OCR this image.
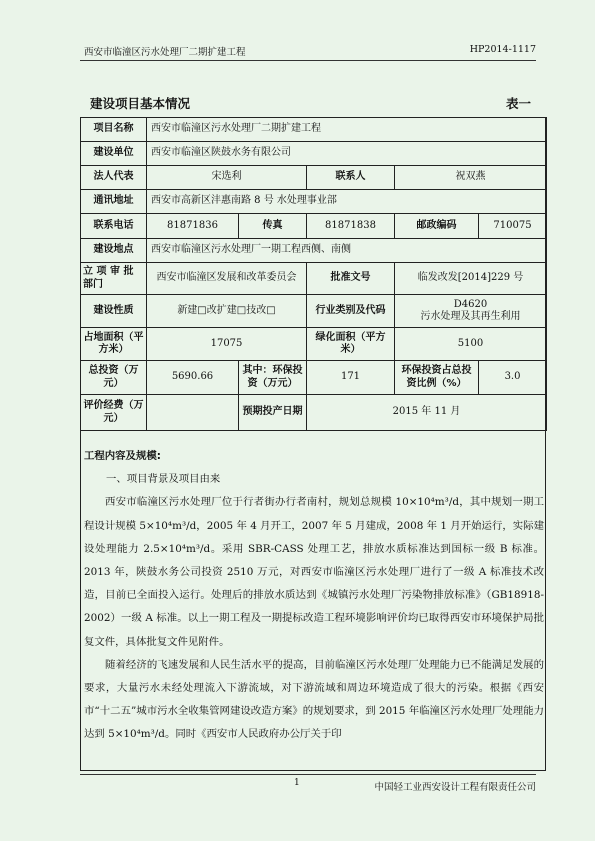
西安市临潼区污水处理厂二期扩建工程	HP2014-1117
建设项目基本情况	表一
项目名称	西安市临潼区污水处理厂二期扩建工程				
建设单位	西安市临潼区陕鼓水务有限公司				
法人代表	宋选利		联系人	祝双燕	
通讯地址	西安市高新区沣惠南路 8 号 水处理事业部				
联系电话	81871836	传真	81871838	邮政编码	710075
建设地点	西安市临潼区污水处理厂一期工程西侧、南侧				
立 项 审 批 部门	西安市临潼区发展和改革委员会		批准文号	临发改发[2014]229 号	
建设性质	新建□改扩建□技改□		行业类别及代码	D4620
污水处理及其再生利用	

占地面积（平方米）	17075		绿化面积（平方米）	5100	
总投资（万元）	5690.66	其中：环保投资（万元）	171	环保投资占总投资比例（%）	3.0
评价经费（万元）		预期投产日期	2015 年 11 月		
工程内容及规模:
一、项目背景及项目由来

西安市临潼区污水处理厂位于行者街办行者南村，规划总规模 10×10⁴m³/d，其中规划一期工程设计规模 5×10⁴m³/d，2005 年 4 月开工，2007 年 5 月建成，2008 年 1 月开始运行，实际建设处理能力 2.5×10⁴m³/d。采用 SBR-CASS 处理工艺，排放水质标准达到国标一级 B 标准。2013 年，陕鼓水务公司投资 2510 万元，对西安市临潼区污水处理厂进行了一级 A 标准技术改造，目前已全面投入运行。处理后的排放水质达到《城镇污水处理厂污染物排放标准》（GB18918-2002）一级 A 标准。以上一期工程及一期提标改造工程环境影响评价均已取得西安市环境保护局批复文件，具体批复文件见附件。

随着经济的飞速发展和人民生活水平的提高，目前临潼区污水处理厂处理能力已不能满足发展的要求，大量污水未经处理流入下游流域，对下游流域和周边环境造成了很大的污染。根据《西安市“十二五”城市污水全收集管网建设改造方案》的规划要求，到 2015 年临潼区污水处理厂处理能力达到 5×10⁴m³/d。同时《西安市人民政府办公厅关于印

1	中国轻工业西安设计工程有限责任公司
